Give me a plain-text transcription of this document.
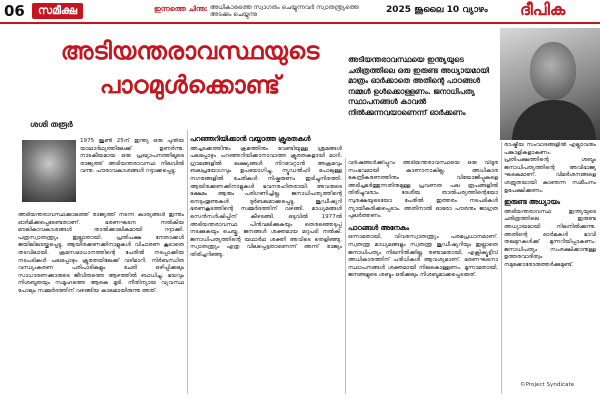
06	സമീക്ഷ	ഇന്നത്തെ ചിന്ത: അധികാരത്തെ സ്വാഗതം ചെയ്യുന്നവർ സ്വാതന്ത്ര്യത്തെ അടക്കം ചെയ്യുന്നു	2025 ജൂലൈ 10 വ്യാഴം ദീപിക
അടിയന്തരാവസ്ഥയുടെ
പാഠമുൾക്കൊണ്ട്
അടിയന്തരാവസ്ഥയെ ഇന്ത്യയുടെ ചരിത്രത്തിലെ ഒരു ഇരുണ്ട അധ്യായമായി മാത്രം ഓർക്കാതെ അതിന്റെ പാഠങ്ങൾ നമ്മൾ ഉൾക്കൊള്ളണം. ജനാധിപത്യ സ്ഥാപനങ്ങൾ കാവൽ നിൽക്കുന്നവയാണെന്ന് ഓർക്കണം
ശശി തരൂർ

1975 ജൂൺ 25ന് ഇന്ത്യ ഒരു പുതിയ യാഥാർഥ്യത്തിലേക്ക് ഉണർന്നു. നാടകീയമായ ഒരു പ്രഖ്യാപനത്തിലൂടെ രാജ്യത്ത് അടിയന്തരാവസ്ഥ നിലവിൽ വന്നു. പൗരാവകാശങ്ങൾ റദ്ദാക്കപ്പെട്ടു.

അടിയന്തരാവസ്ഥക്കാലത്ത് രാജ്യത്ത് നടന്ന കാര്യങ്ങൾ ഇന്നും ഓർമിക്കപ്പെടേണ്ടതാണ്. ഭരണഘടന നൽകിയ മൗലികാവകാശങ്ങൾ താൽക്കാലികമായി റദ്ദാക്കി. പത്രസ്വാതന്ത്ര്യം ഇല്ലാതായി. പ്രതിപക്ഷ നേതാക്കൾ ജയിലിലടയ്ക്കപ്പെട്ടു. ആയിരക്കണക്കിനാളുകൾ വിചാരണ കൂടാതെ തടവിലായി. ക്രമസമാധാനത്തിന്റെ പേരിൽ നടപ്പാക്കിയ നടപടികൾ പലപ്പോഴും ക്രൂരതയിലേക്ക് വഴിമാറി. നിർബന്ധിത വന്ധ്യംകരണ പരിപാടികളും ചേരി ഒഴിപ്പിക്കലും സാധാരണക്കാരുടെ ജീവിതത്തെ ആഴത്തിൽ ബാധിച്ചു. ഭയവും നിശബ്ദതയും സമൂഹത്തെ ആകെ മൂടി. നീതിന്യായ വ്യവസ്ഥ പോലും സമ്മർദത്തിന് വഴങ്ങിയ കാലമായിരുന്നു അത്.

പറഞ്ഞറിയിക്കാൻ വയ്യാത്ത ക്രൂരതകൾ

അച്ചടക്കത്തിനും ക്രമത്തിനും വേണ്ടിയുള്ള ശ്രമങ്ങൾ പലപ്പോഴും പറഞ്ഞറിയിക്കാനാവാത്ത ക്രൂരതകളായി മാറി. ഗ്രാമങ്ങളിൽ ലക്ഷ്യങ്ങൾ നിറവേറ്റാൻ അക്രമവും ബലപ്രയോഗവും ഉപയോഗിച്ചു. ന്യൂഡൽഹി പോലുള്ള നഗരങ്ങളിൽ ചേരികൾ നിഷ്കരുണം ഇടിച്ചുനിരത്തി. ആയിരക്കണക്കിനാളുകൾ ഭവനരഹിതരായി. അവരുടെ ക്ഷേമം ആരും പരിഗണിച്ചില്ല. ജനാധിപത്യത്തിന്റെ നെടുംതൂണുകൾ ദുർബലമാക്കപ്പെട്ടു. ജുഡീഷ്യറി ഭരണകൂടത്തിന്റെ സമ്മർദത്തിന് വഴങ്ങി. മാധ്യമങ്ങൾ സെൻസർഷിപ്പിന് കീഴടങ്ങി. ഒടുവിൽ 1977ൽ അടിയന്തരാവസ്ഥ പിൻവലിക്കുകയും തെരഞ്ഞെടുപ്പ് നടക്കുകയും ചെയ്തു. ജനങ്ങൾ ശക്തമായ മറുപടി നൽകി. ജനാധിപത്യത്തിന്റെ യഥാർഥ ശക്തി അവിടെ തെളിഞ്ഞു. സ്വാതന്ത്ര്യം എത്ര വിലപ്പെട്ടതാണെന്ന് അന്ന് രാജ്യം തിരിച്ചറിഞ്ഞു.

വർഷങ്ങൾക്കിപ്പുറം അടിയന്തരാവസ്ഥയെ ഒരു വിദൂര സംഭവമായി കാണാനാകില്ല. അധികാര കേന്ദ്രീകരണത്തിനും വിയോജിപ്പുകളെ അടിച്ചമർത്തുന്നതിനുമുള്ള പ്രവണത പല രൂപങ്ങളിൽ തിരിച്ചുവരാം. ദേശീയ താൽപര്യത്തിന്റെയോ സുരക്ഷയുടെയോ പേരിൽ ഇത്തരം നടപടികൾ ന്യായീകരിക്കപ്പെടാം. അതിനാൽ ഓരോ പൗരനും ജാഗ്രത പുലർത്തണം.

പാഠങ്ങൾ അനേകം

ഒന്നാമതായി, വിവരസ്വാതന്ത്ര്യം പരമപ്രധാനമാണ്. സ്വതന്ത്ര മാധ്യമങ്ങളും സ്വതന്ത്ര ജുഡീഷ്യറിയും ഇല്ലാതെ ജനാധിപത്യം നിലനിൽക്കില്ല. രണ്ടാമതായി, എക്സിക്യൂട്ടീവ് അധികാരത്തിന് പരിധികൾ ആവശ്യമാണ്. ഭരണഘടനാ സ്ഥാപനങ്ങൾ ശക്തമായി നിലകൊള്ളണം. മൂന്നാമതായി, ജനങ്ങളുടെ ശബ്ദം ഒരിക്കലും നിശബ്ദമാക്കപ്പെടരുത്.

രാഷ്ട്രീയ സംവാദങ്ങളിൽ എല്ലാവരും പങ്കാളികളാകണം. പ്രതിപക്ഷത്തിന്റെ ശബ്ദം ജനാധിപത്യത്തിന്റെ അവിഭാജ്യ ഘടകമാണ്. വിമർശനങ്ങളെ ശത്രുതയായി കാണുന്ന സമീപനം ഉപേക്ഷിക്കണം.

ഇരുണ്ട അധ്യായം

അടിയന്തരാവസ്ഥ ഇന്ത്യയുടെ ചരിത്രത്തിലെ ഇരുണ്ട അധ്യായമായി നിലനിൽക്കുന്നു. അതിന്റെ ഓർമകൾ ഭാവി തലമുറകൾക്ക് മുന്നറിയിപ്പാകണം. ജനാധിപത്യം സംരക്ഷിക്കാനുള്ള ഉത്തരവാദിത്വം നമുക്കോരോരുത്തർക്കുമുണ്ട്.

©Project Syndicate
